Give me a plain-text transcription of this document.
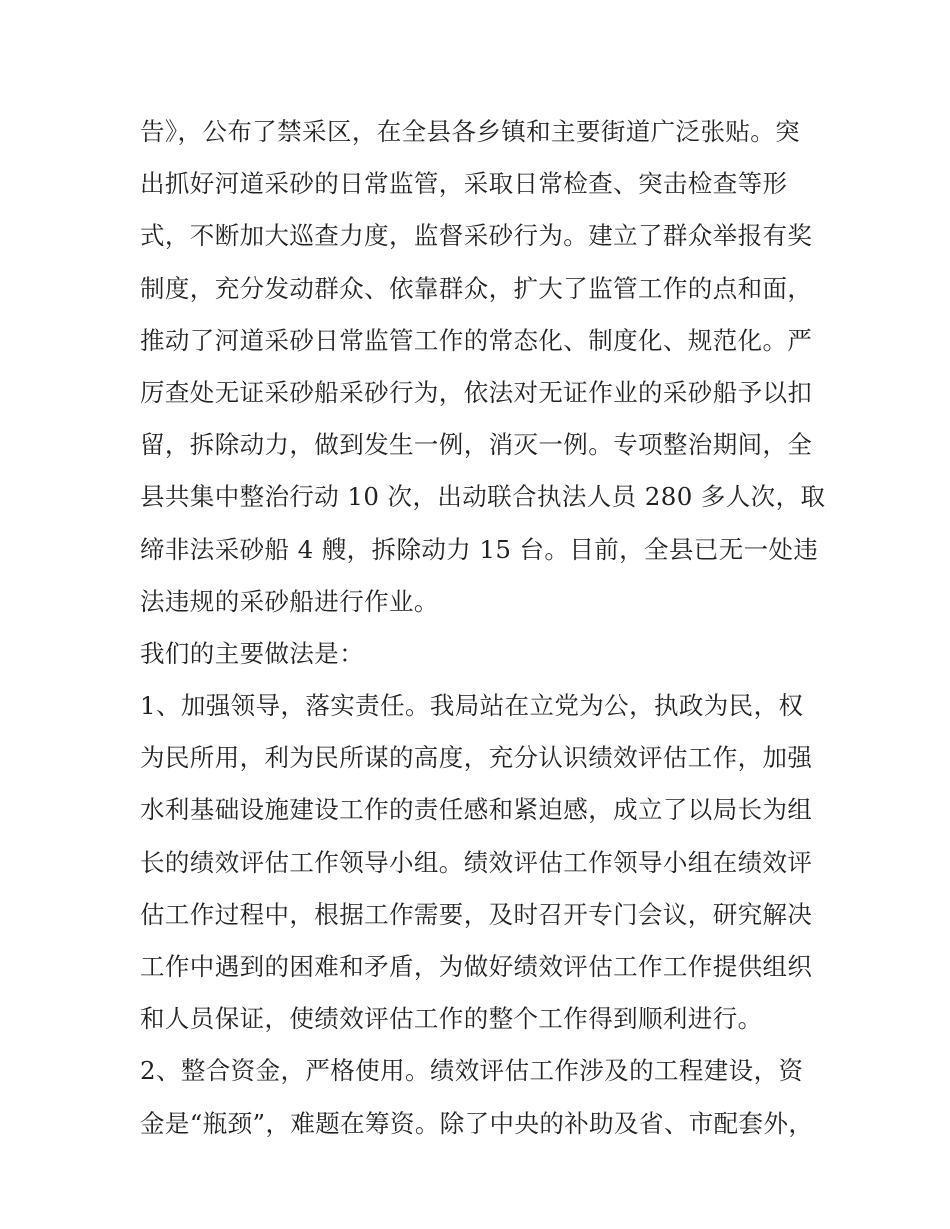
告》，公布了禁采区，在全县各乡镇和主要街道广泛张贴。突
出抓好河道采砂的日常监管，采取日常检查、突击检查等形
式，不断加大巡查力度，监督采砂行为。建立了群众举报有奖
制度，充分发动群众、依靠群众，扩大了监管工作的点和面，
推动了河道采砂日常监管工作的常态化、制度化、规范化。严
厉查处无证采砂船采砂行为，依法对无证作业的采砂船予以扣
留，拆除动力，做到发生一例，消灭一例。专项整治期间，全
县共集中整治行动 10 次，出动联合执法人员 280 多人次，取
缔非法采砂船 4 艘，拆除动力 15 台。目前，全县已无一处违
法违规的采砂船进行作业。
我们的主要做法是：
1、加强领导，落实责任。我局站在立党为公，执政为民，权
为民所用，利为民所谋的高度，充分认识绩效评估工作，加强
水利基础设施建设工作的责任感和紧迫感，成立了以局长为组
长的绩效评估工作领导小组。绩效评估工作领导小组在绩效评
估工作过程中，根据工作需要，及时召开专门会议，研究解决
工作中遇到的困难和矛盾，为做好绩效评估工作工作提供组织
和人员保证，使绩效评估工作的整个工作得到顺利进行。
2、整合资金，严格使用。绩效评估工作涉及的工程建设，资
金是“瓶颈”，难题在筹资。除了中央的补助及省、市配套外，
